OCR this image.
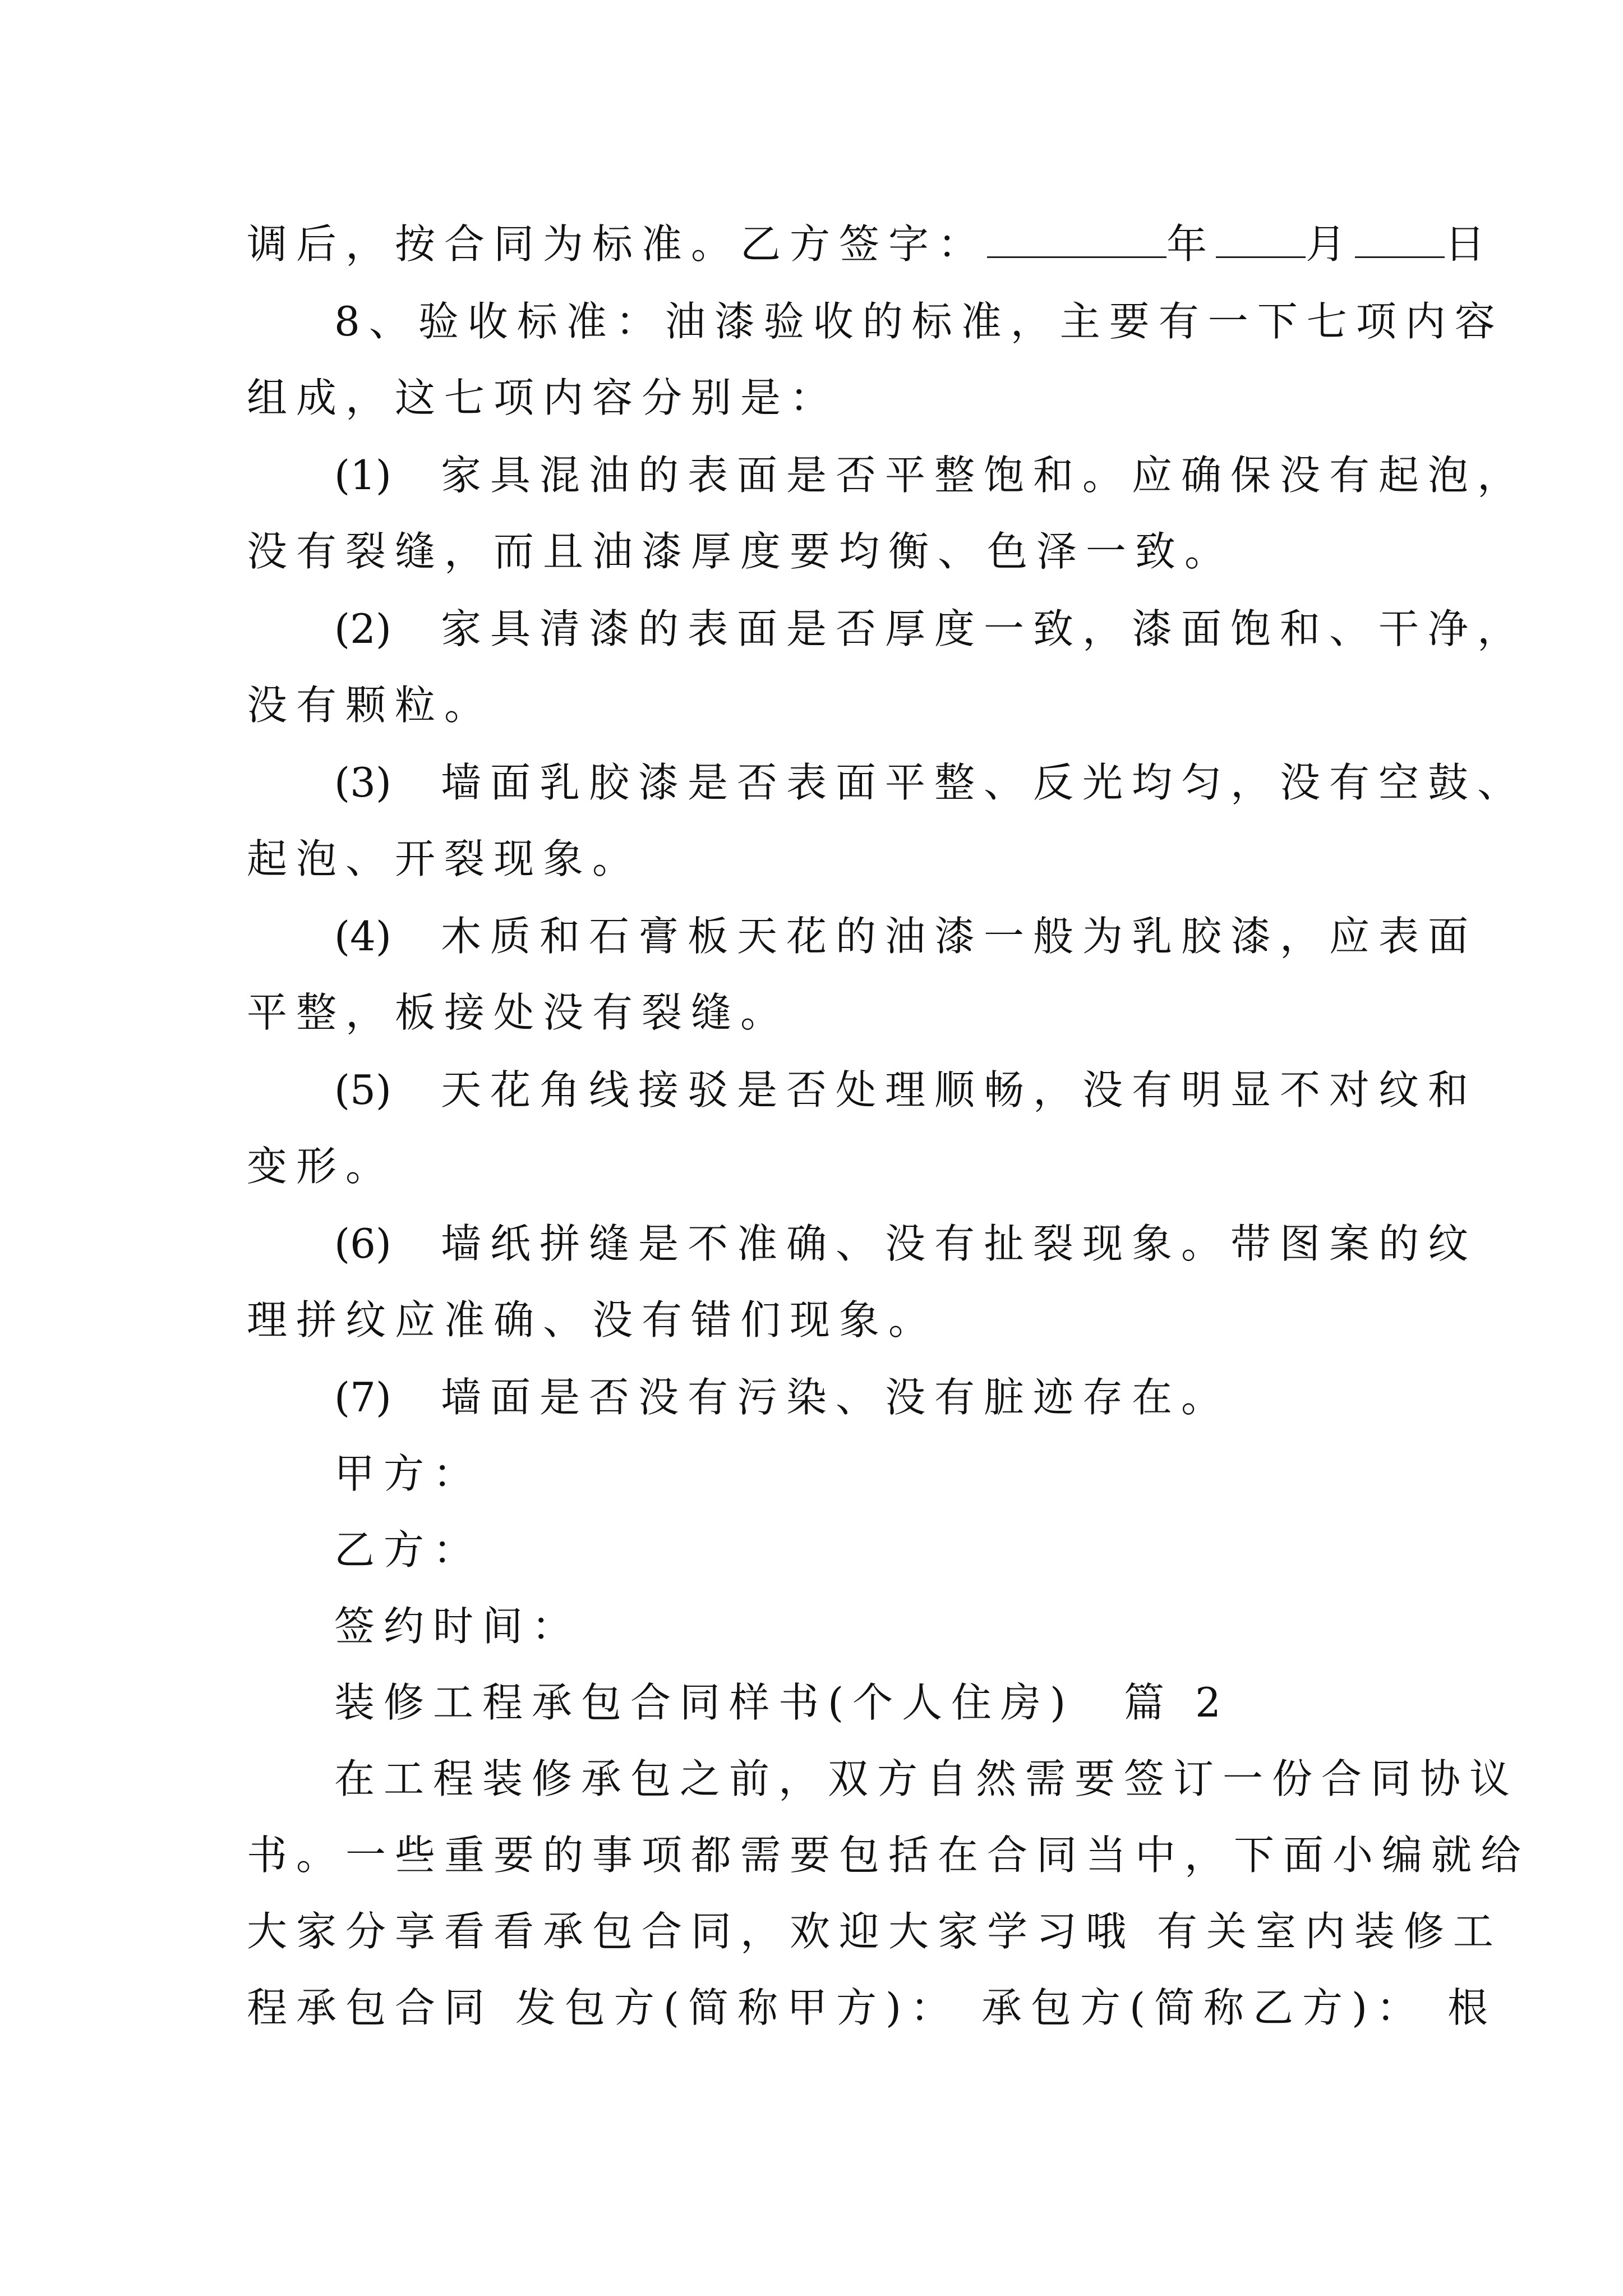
调后，按合同为标准。乙方签字：	年 月 日
8、验收标准：油漆验收的标准，主要有一下七项内容
组成，这七项内容分别是：
(1) 家具混油的表面是否平整饱和。应确保没有起泡，
没有裂缝，而且油漆厚度要均衡、色泽一致。
(2) 家具清漆的表面是否厚度一致，漆面饱和、干净，
没有颗粒。
(3) 墙面乳胶漆是否表面平整、反光均匀，没有空鼓、
起泡、开裂现象。
(4) 木质和石膏板天花的油漆一般为乳胶漆，应表面
平整，板接处没有裂缝。
(5) 天花角线接驳是否处理顺畅，没有明显不对纹和
变形。
(6) 墙纸拼缝是不准确、没有扯裂现象。带图案的纹
理拼纹应准确、没有错们现象。
(7) 墙面是否没有污染、没有脏迹存在。
甲方：
乙方：
签约时间：
装修工程承包合同样书(个人住房)　篇 2
在工程装修承包之前，双方自然需要签订一份合同协议
书。一些重要的事项都需要包括在合同当中，下面小编就给
大家分享看看承包合同，欢迎大家学习哦 有关室内装修工
程承包合同 发包方(简称甲方)： 承包方(简称乙方)： 根
